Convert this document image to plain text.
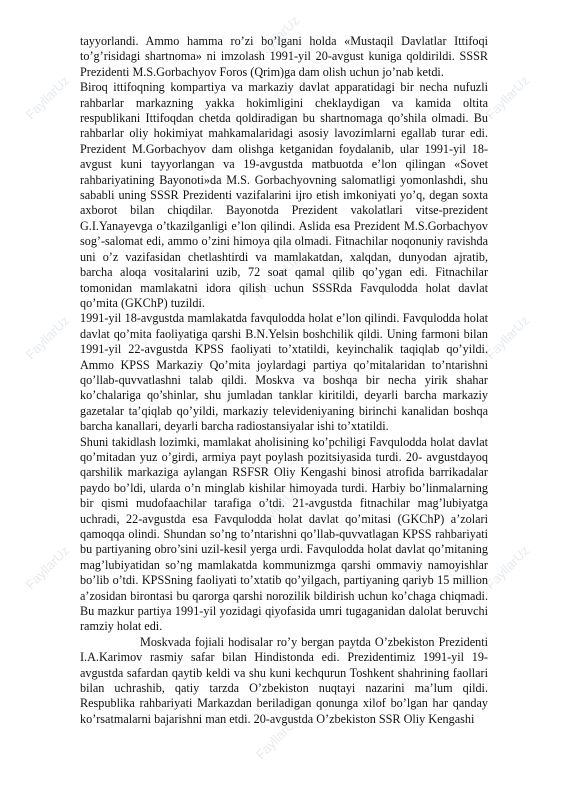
FayllarUz
FayllarUz
FayllarUz
FayllarUz
FayllarUz
FayllarUz
FayllarUz
FayllarUz
FayllarUz
FayllarUz

tayyorlandi. Ammo hamma ro’zi bo’lgani holda «Mustaqil Davlatlar Ittifoqi to’g’risidagi shartnoma» ni imzolash 1991-yil 20-avgust kuniga qoldirildi. SSSR Prezidenti M.S.Gorbachyov Foros (Qrim)ga dam olish uchun jo’nab ketdi.

Biroq ittifoqning kompartiya va markaziy davlat apparatidagi bir necha nufuzli rahbarlar markazning yakka hokimligini cheklaydigan va kamida oltita respublikani Ittifoqdan chetda qoldiradigan bu shartnomaga qo’shila olmadi. Bu rahbarlar oliy hokimiyat mahkamalaridagi asosiy lavozimlarni egallab turar edi. Prezident M.Gorbachyov dam olishga ketganidan foydalanib, ular 1991-yil 18-avgust kuni tayyorlangan va 19-avgustda matbuotda e’lon qilingan «Sovet rahbariyatining Bayonoti»da M.S. Gorbachyovning salomatligi yomonlashdi, shu sababli uning SSSR Prezidenti vazifalarini ijro etish imkoniyati yo’q, degan soxta axborot bilan chiqdilar. Bayonotda Prezident vakolatlari vitse-prezident G.I.Yanayevga o’tkazilganligi e’lon qilindi. Aslida esa Prezident M.S.Gorbachyov sog’-salomat edi, ammo o’zini himoya qila olmadi. Fitnachilar noqonuniy ravishda uni o’z vazifasidan chetlashtirdi va mamlakatdan, xalqdan, dunyodan ajratib, barcha aloqa vositalarini uzib, 72 soat qamal qilib qo’ygan edi. Fitnachilar tomonidan mamlakatni idora qilish uchun SSSRda Favqulodda holat davlat qo’mita (GKChP) tuzildi.

1991-yil 18-avgustda mamlakatda favqulodda holat e’lon qilindi. Favqulodda holat davlat qo’mita faoliyatiga qarshi B.N.Yelsin boshchilik qildi. Uning farmoni bilan 1991-yil 22-avgustda KPSS faoliyati to’xtatildi, keyinchalik taqiqlab qo’yildi. Ammo KPSS Markaziy Qo’mita joylardagi partiya qo’mitalaridan to’ntarishni qo’llab-quvvatlashni talab qildi. Moskva va boshqa bir necha yirik shahar ko’chalariga qo’shinlar, shu jumladan tanklar kiritildi, deyarli barcha markaziy gazetalar ta’qiqlab qo’yildi, markaziy televideniyaning birinchi kanalidan boshqa barcha kanallari, deyarli barcha radiostansiyalar ishi to’xtatildi.

Shuni takidlash lozimki, mamlakat aholisining ko’pchiligi Favqulodda holat davlat qo’mitadan yuz o’girdi, armiya payt poylash pozitsiyasida turdi. 20- avgustdayoq qarshilik markaziga aylangan RSFSR Oliy Kengashi binosi atrofida barrikadalar paydo bo’ldi, ularda o’n minglab kishilar himoyada turdi. Harbiy bo’linmalarning bir qismi mudofaachilar tarafiga o’tdi. 21-avgustda fitnachilar mag’lubiyatga uchradi, 22-avgustda esa Favqulodda holat davlat qo’mitasi (GKChP) a’zolari qamoqqa olindi. Shundan so’ng to’ntarishni qo’llab-quvvatlagan KPSS rahbariyati bu partiyaning obro’sini uzil-kesil yerga urdi. Favqulodda holat davlat qo’mitaning mag’lubiyatidan so’ng mamlakatda kommunizmga qarshi ommaviy namoyishlar bo’lib o’tdi. KPSSning faoliyati to’xtatib qo’yilgach, partiyaning qariyb 15 million a’zosidan birontasi bu qarorga qarshi norozilik bildirish uchun ko’chaga chiqmadi. Bu mazkur partiya 1991-yil yozidagi qiyofasida umri tugaganidan dalolat beruvchi ramziy holat edi.

Moskvada fojiali hodisalar ro’y bergan paytda O’zbekiston Prezidenti I.A.Karimov rasmiy safar bilan Hindistonda edi. Prezidentimiz 1991-yil 19-avgustda safardan qaytib keldi va shu kuni kechqurun Toshkent shahrining faollari bilan uchrashib, qatiy tarzda O’zbekiston nuqtayi nazarini ma’lum qildi. Respublika rahbariyati Markazdan beriladigan qonunga xilof bo’lgan har qanday ko’rsatmalarni bajarishni man etdi. 20-avgustda O’zbekiston SSR Oliy Kengashi
